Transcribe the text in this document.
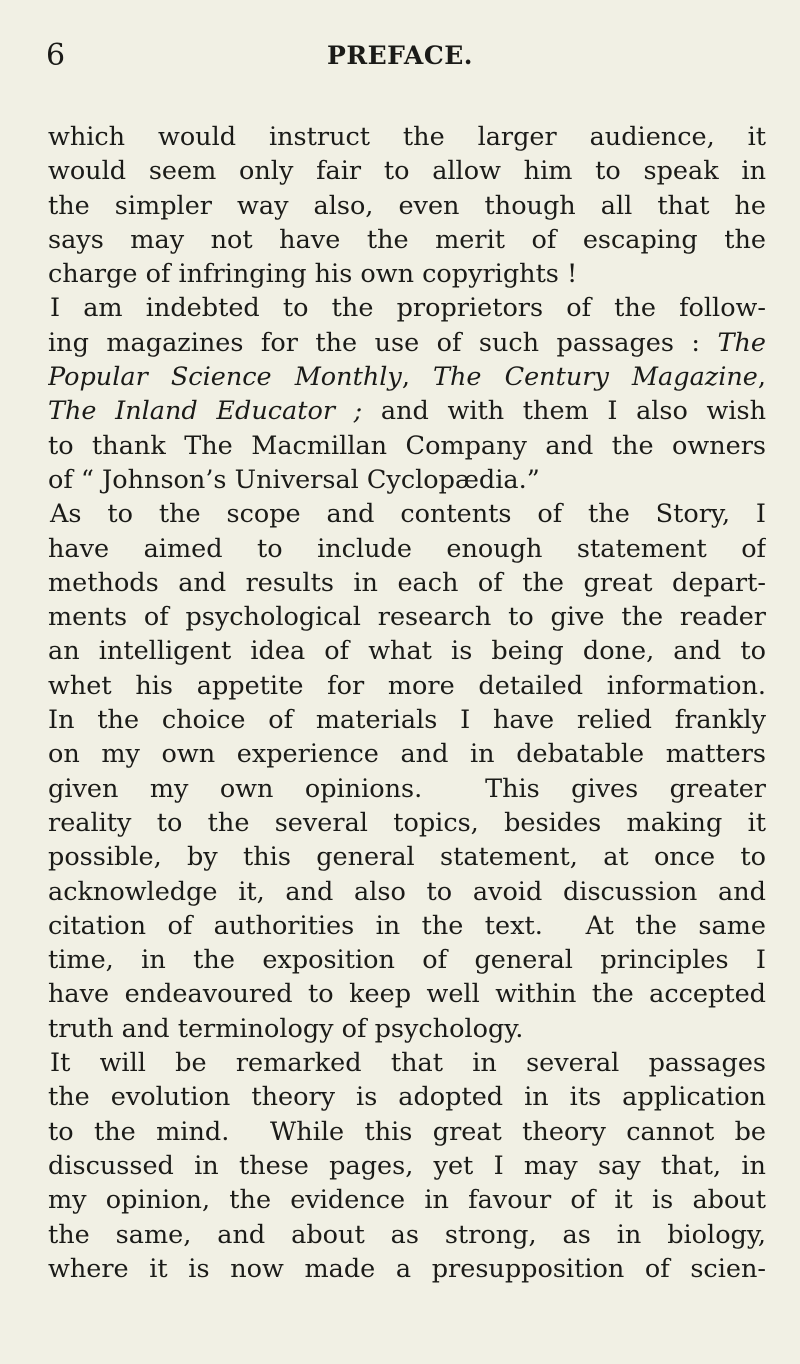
6	PREFACE.
which would instruct the larger audience, it
would seem only fair to allow him to speak in
the simpler way also, even though all that he
says may not have the merit of escaping the
charge of infringing his own copyrights !
I am indebted to the proprietors of the follow-
ing magazines for the use of such passages : The
Popular Science Monthly, The Century Magazine,
The Inland Educator ; and with them I also wish
to thank The Macmillan Company and the owners
of “ Johnson’s Universal Cyclopædia.”
As to the scope and contents of the Story, I
have aimed to include enough statement of
methods and results in each of the great depart-
ments of psychological research to give the reader
an intelligent idea of what is being done, and to
whet his appetite for more detailed information.
In the choice of materials I have relied frankly
on my own experience and in debatable matters
given my own opinions.  This gives greater
reality to the several topics, besides making it
possible, by this general statement, at once to
acknowledge it, and also to avoid discussion and
citation of authorities in the text.  At the same
time, in the exposition of general principles I
have endeavoured to keep well within the accepted
truth and terminology of psychology.
It will be remarked that in several passages
the evolution theory is adopted in its application
to the mind.  While this great theory cannot be
discussed in these pages, yet I may say that, in
my opinion, the evidence in favour of it is about
the same, and about as strong, as in biology,
where it is now made a presupposition of scien-
